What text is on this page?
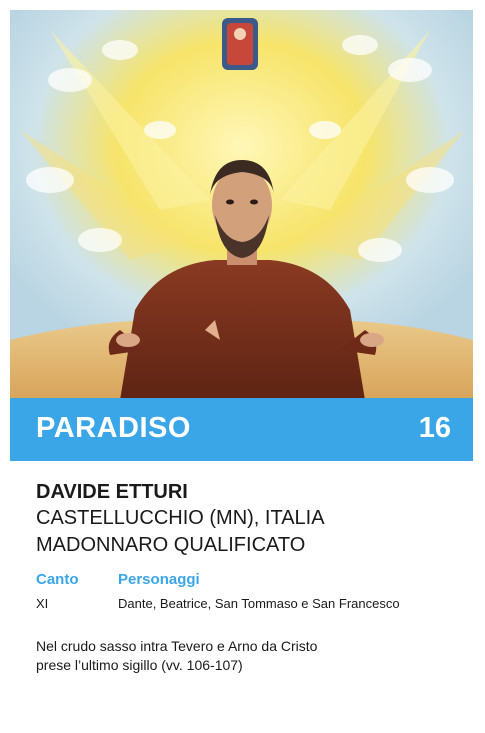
PARADISO	16
DAVIDE ETTURI
CASTELLUCCHIO (MN), ITALIA
MADONNARO QUALIFICATO
Canto	Personaggi
XI	Dante, Beatrice, San Tommaso e San Francesco
Nel crudo sasso intra Tevero e Arno da Cristo
prese l’ultimo sigillo (vv. 106-107)
